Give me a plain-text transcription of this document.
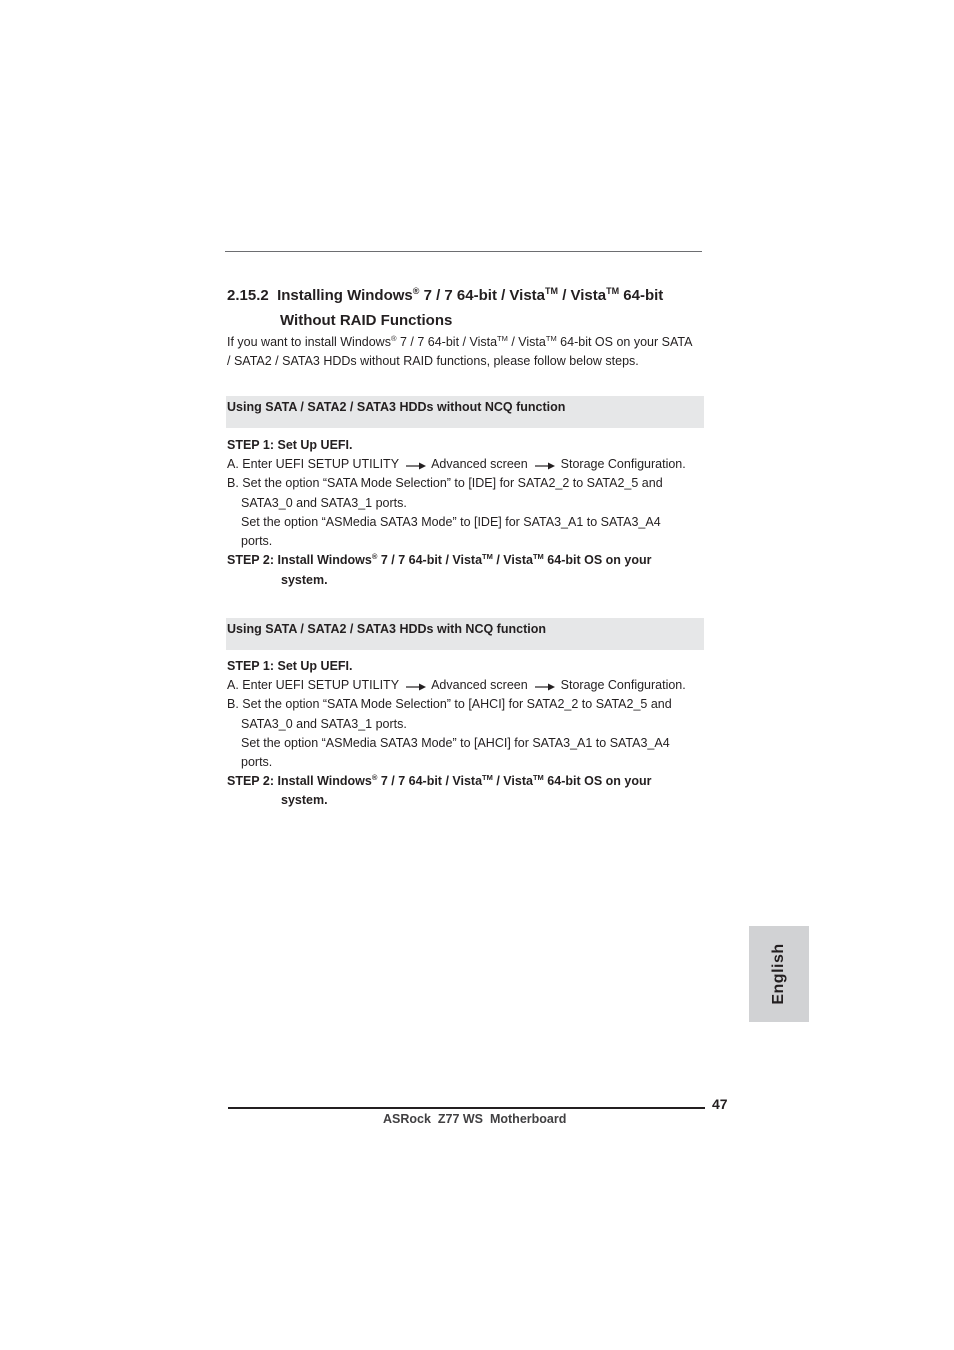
2.15.2 Installing Windows® 7 / 7 64-bit / Vista™ / Vista™ 64-bit
Without RAID Functions
If you want to install Windows® 7 / 7 64-bit / Vista™ / Vista™ 64-bit OS on your SATA
/ SATA2 / SATA3 HDDs without RAID functions, please follow below steps.
Using SATA / SATA2 / SATA3 HDDs without NCQ function
STEP 1: Set Up UEFI.
A. Enter UEFI SETUP UTILITY	Advanced screen	Storage Configuration.
B. Set the option “SATA Mode Selection” to [IDE] for SATA2_2 to SATA2_5 and
SATA3_0 and SATA3_1 ports.
Set the option “ASMedia SATA3 Mode” to [IDE] for SATA3_A1 to SATA3_A4
ports.
STEP 2: Install Windows® 7 / 7 64-bit / Vista™ / Vista™ 64-bit OS on your
system.
Using SATA / SATA2 / SATA3 HDDs with NCQ function
STEP 1: Set Up UEFI.
A. Enter UEFI SETUP UTILITY	Advanced screen	Storage Configuration.
B. Set the option “SATA Mode Selection” to [AHCI] for SATA2_2 to SATA2_5 and
SATA3_0 and SATA3_1 ports.
Set the option “ASMedia SATA3 Mode” to [AHCI] for SATA3_A1 to SATA3_A4
ports.
STEP 2: Install Windows® 7 / 7 64-bit / Vista™ / Vista™ 64-bit OS on your
system.
English
47
ASRock  Z77 WS  Motherboard
